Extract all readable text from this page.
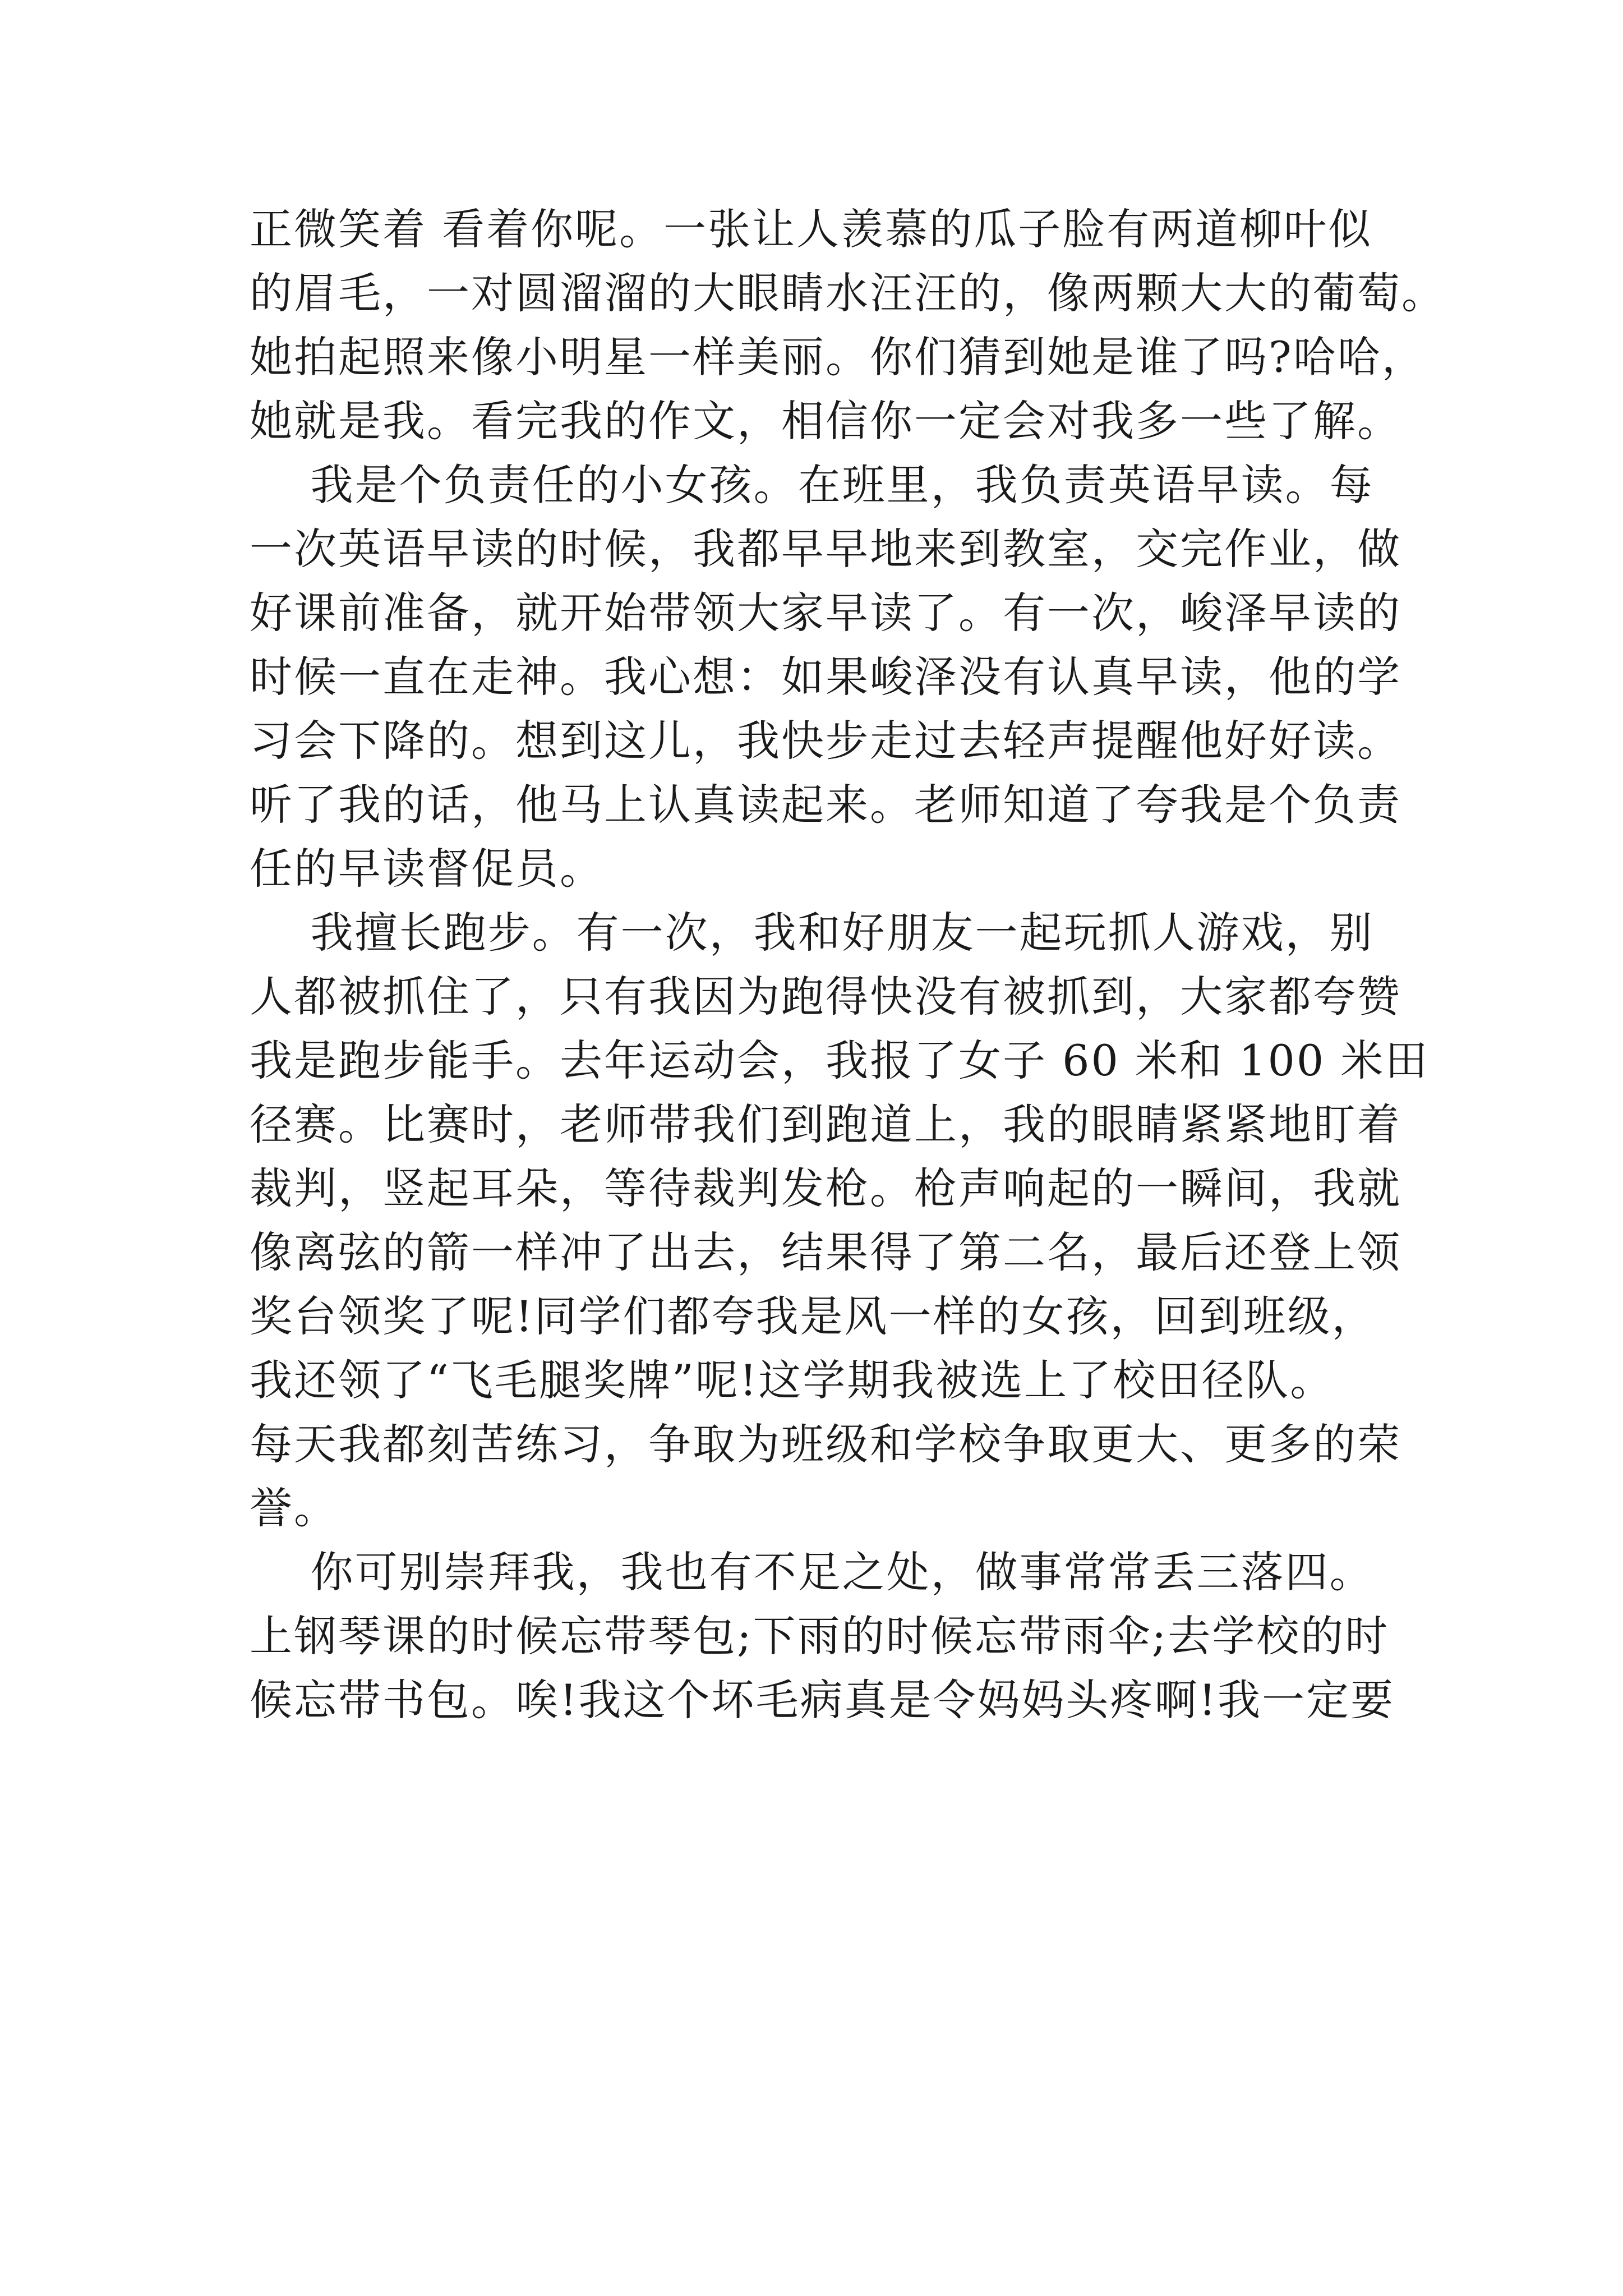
正微笑着 看着你呢。一张让人羡慕的瓜子脸有两道柳叶似
的眉毛，一对圆溜溜的大眼睛水汪汪的，像两颗大大的葡萄。
她拍起照来像小明星一样美丽。你们猜到她是谁了吗?哈哈，
她就是我。看完我的作文，相信你一定会对我多一些了解。
我是个负责任的小女孩。在班里，我负责英语早读。每
一次英语早读的时候，我都早早地来到教室，交完作业，做
好课前准备，就开始带领大家早读了。有一次，峻泽早读的
时候一直在走神。我心想：如果峻泽没有认真早读，他的学
习会下降的。想到这儿，我快步走过去轻声提醒他好好读。
听了我的话，他马上认真读起来。老师知道了夸我是个负责
任的早读督促员。
我擅长跑步。有一次，我和好朋友一起玩抓人游戏，别
人都被抓住了，只有我因为跑得快没有被抓到，大家都夸赞
我是跑步能手。去年运动会，我报了女子 60 米和 100 米田
径赛。比赛时，老师带我们到跑道上，我的眼睛紧紧地盯着
裁判，竖起耳朵，等待裁判发枪。枪声响起的一瞬间，我就
像离弦的箭一样冲了出去，结果得了第二名，最后还登上领
奖台领奖了呢!同学们都夸我是风一样的女孩，回到班级，
我还领了“飞毛腿奖牌”呢!这学期我被选上了校田径队。
每天我都刻苦练习，争取为班级和学校争取更大、更多的荣
誉。
你可别崇拜我，我也有不足之处，做事常常丢三落四。
上钢琴课的时候忘带琴包;下雨的时候忘带雨伞;去学校的时
候忘带书包。唉!我这个坏毛病真是令妈妈头疼啊!我一定要
